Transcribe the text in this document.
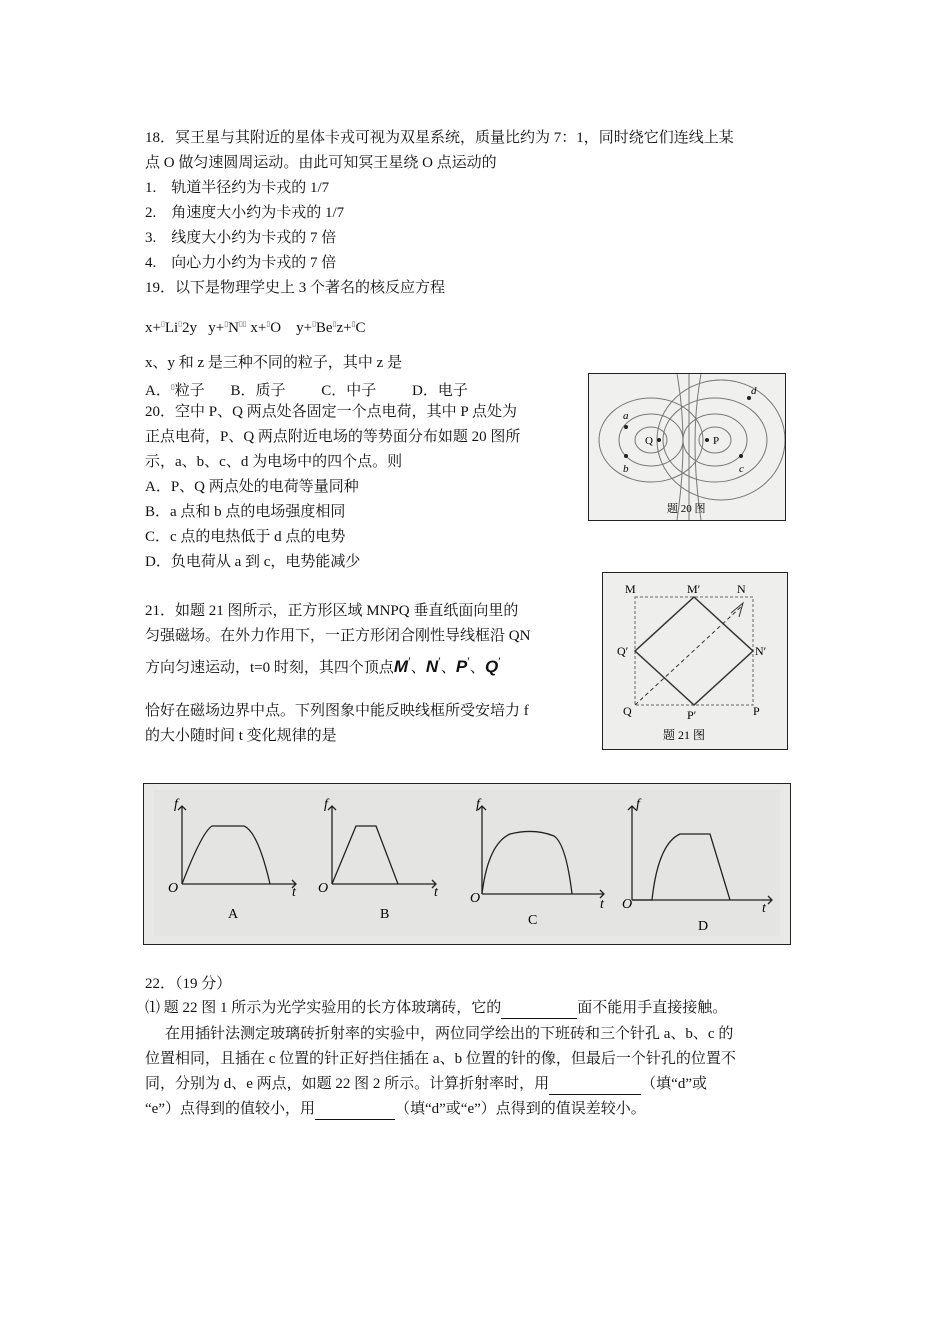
18．冥王星与其附近的星体卡戎可视为双星系统，质量比约为 7：1，同时绕它们连线上某
点 O 做匀速圆周运动。由此可知冥王星绕 O 点运动的
1.　轨道半径约为卡戎的 1/7
2.　角速度大小约为卡戎的 1/7
3.　线度大小约为卡戎的 7 倍
4.　向心力小约为卡戎的 7 倍
19．以下是物理学史上 3 个著名的核反应方程
x+▯Li▯2y y+▯N▯▯ x+▯O y+▯Be▯z+▯C
x、y 和 z 是三种不同的粒子，其中 z 是
A．▯粒子 B．质子 C．中子 D．电子
20．空中 P、Q 两点处各固定一个点电荷，其中 P 点处为
正点电荷，P、Q 两点附近电场的等势面分布如题 20 图所
示，a、b、c、d 为电场中的四个点。则
A．P、Q 两点处的电荷等量同种
B．a 点和 b 点的电场强度相同
C．c 点的电热低于 d 点的电势
D．负电荷从 a 到 c，电势能减少
a
b	c
d
Q	P
题 20 图
21．如题 21 图所示，正方形区域 MNPQ 垂直纸面向里的
匀强磁场。在外力作用下，一正方形闭合刚性导线框沿 QN
方向匀速运动，t=0 时刻，其四个顶点M′、N′、P′、Q′
恰好在磁场边界中点。下列图象中能反映线框所受安培力 f
的大小随时间 t 变化规律的是
M	M′	N
Q′	N′
Q	P′	P
题 21 图
f
O	t
f
O	t
f
O	t
f
O	t
A	B	C	D
22．（19 分）
⑴ 题 22 图 1 所示为光学实验用的长方体玻璃砖，它的	面不能用手直接接触。
在用插针法测定玻璃砖折射率的实验中，两位同学绘出的下班砖和三个针孔 a、b、c 的
位置相同，且插在 c 位置的针正好挡住插在 a、b 位置的针的像，但最后一个针孔的位置不
同，分别为 d、e 两点，如题 22 图 2 所示。计算折射率时，用	（填“d”或
“e”）点得到的值较小，用	（填“d”或“e”）点得到的值误差较小。
